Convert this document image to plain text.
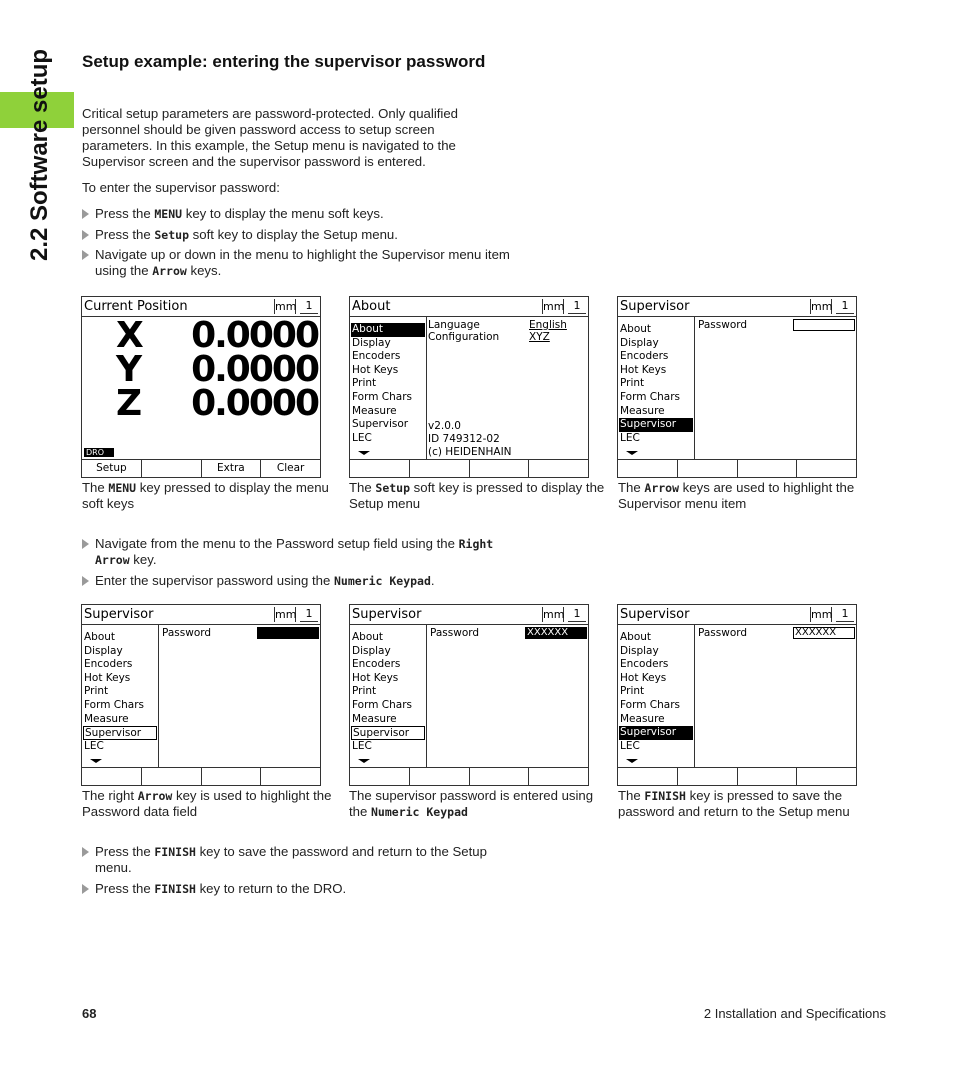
2.2 Software setup Setup example: entering the supervisor password
Critical setup parameters are password-protected. Only qualified personnel should be given password access to setup screen parameters. In this example, the Setup menu is navigated to the Supervisor screen and the supervisor password is entered.
To enter the supervisor password:
Press the MENU key to display the menu soft keys.
Press the Setup soft key to display the Setup menu.
Navigate up or down in the menu to highlight the Supervisor menu item using the Arrow keys.
Current Position	mm 1
X 0.0000
Y 0.0000
Z 0.0000
DRO
Setup	Extra	Clear
About	mm 1
About
Display
Encoders
Hot Keys
Print
Form Chars
Measure
Supervisor
LEC
Language	English
Configuration	XYZ
v2.0.0
ID 749312-02
(c) HEIDENHAIN
Supervisor	mm 1
About
Display
Encoders
Hot Keys
Print
Form Chars
Measure
Supervisor
LEC
Password
The MENU key pressed to display the menu soft keys
The Setup soft key is pressed to display the Setup menu
The Arrow keys are used to highlight the Supervisor menu item
Navigate from the menu to the Password setup field using the Right Arrow key.
Enter the supervisor password using the Numeric Keypad.
Supervisor	mm 1
About
Display
Encoders
Hot Keys
Print
Form Chars
Measure
Supervisor
LEC
Password
Supervisor	mm 1
About
Display
Encoders
Hot Keys
Print
Form Chars
Measure
Supervisor
LEC
Password	XXXXXX
Supervisor	mm 1
About
Display
Encoders
Hot Keys
Print
Form Chars
Measure
Supervisor
LEC
Password	XXXXXX
The right Arrow key is used to highlight the Password data field
The supervisor password is entered using the Numeric Keypad
The FINISH key is pressed to save the password and return to the Setup menu
Press the FINISH key to save the password and return to the Setup menu.
Press the FINISH key to return to the DRO.
68	2 Installation and Specifications
